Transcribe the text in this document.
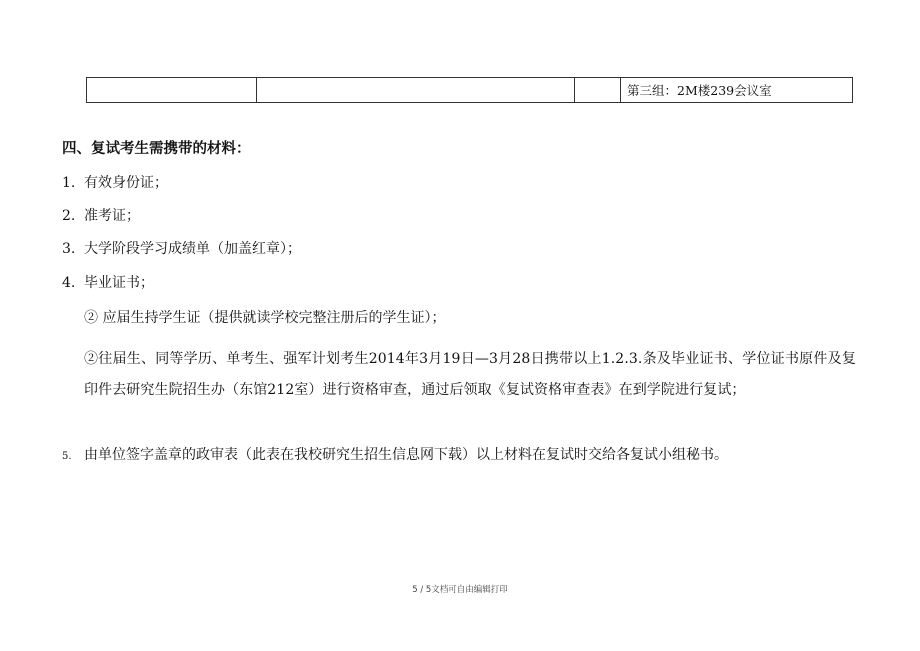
			第三组：2M楼239会议室
四、复试考生需携带的材料：
1. 有效身份证；
2. 准考证；
3. 大学阶段学习成绩单（加盖红章）；
4. 毕业证书；
② 应届生持学生证（提供就读学校完整注册后的学生证）；
②往届生、同等学历、单考生、强军计划考生2014年3月19日—3月28日携带以上1.2.3.条及毕业证书、学位证书原件及复印件去研究生院招生办（东馆212室）进行资格审查，通过后领取《复试资格审查表》在到学院进行复试；
5. 由单位签字盖章的政审表（此表在我校研究生招生信息网下载）以上材料在复试时交给各复试小组秘书。
5 / 5文档可自由编辑打印
